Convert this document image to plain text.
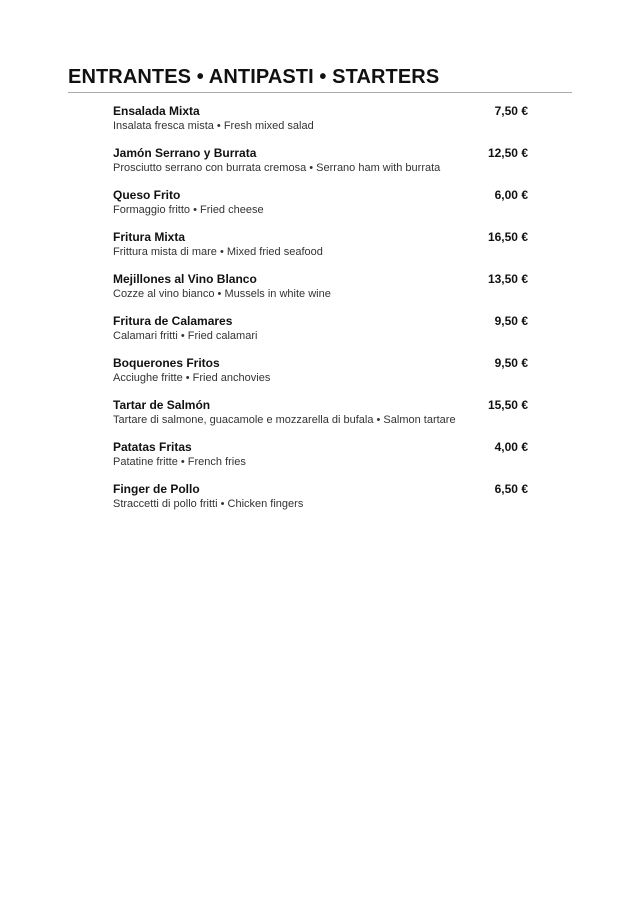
ENTRANTES • ANTIPASTI • STARTERS
Ensalada Mixta
Insalata fresca mista • Fresh mixed salad
7,50 €
Jamón Serrano y Burrata
Prosciutto serrano con burrata cremosa • Serrano ham with burrata
12,50 €
Queso Frito
Formaggio fritto • Fried cheese
6,00 €
Fritura Mixta
Frittura mista di mare • Mixed fried seafood
16,50 €
Mejillones al Vino Blanco
Cozze al vino bianco • Mussels in white wine
13,50 €
Fritura de Calamares
Calamari fritti • Fried calamari
9,50 €
Boquerones Fritos
Acciughe fritte • Fried anchovies
9,50 €
Tartar de Salmón
Tartare di salmone, guacamole e mozzarella di bufala • Salmon tartare
15,50 €
Patatas Fritas
Patatine fritte • French fries
4,00 €
Finger de Pollo
Straccetti di pollo fritti • Chicken fingers
6,50 €
